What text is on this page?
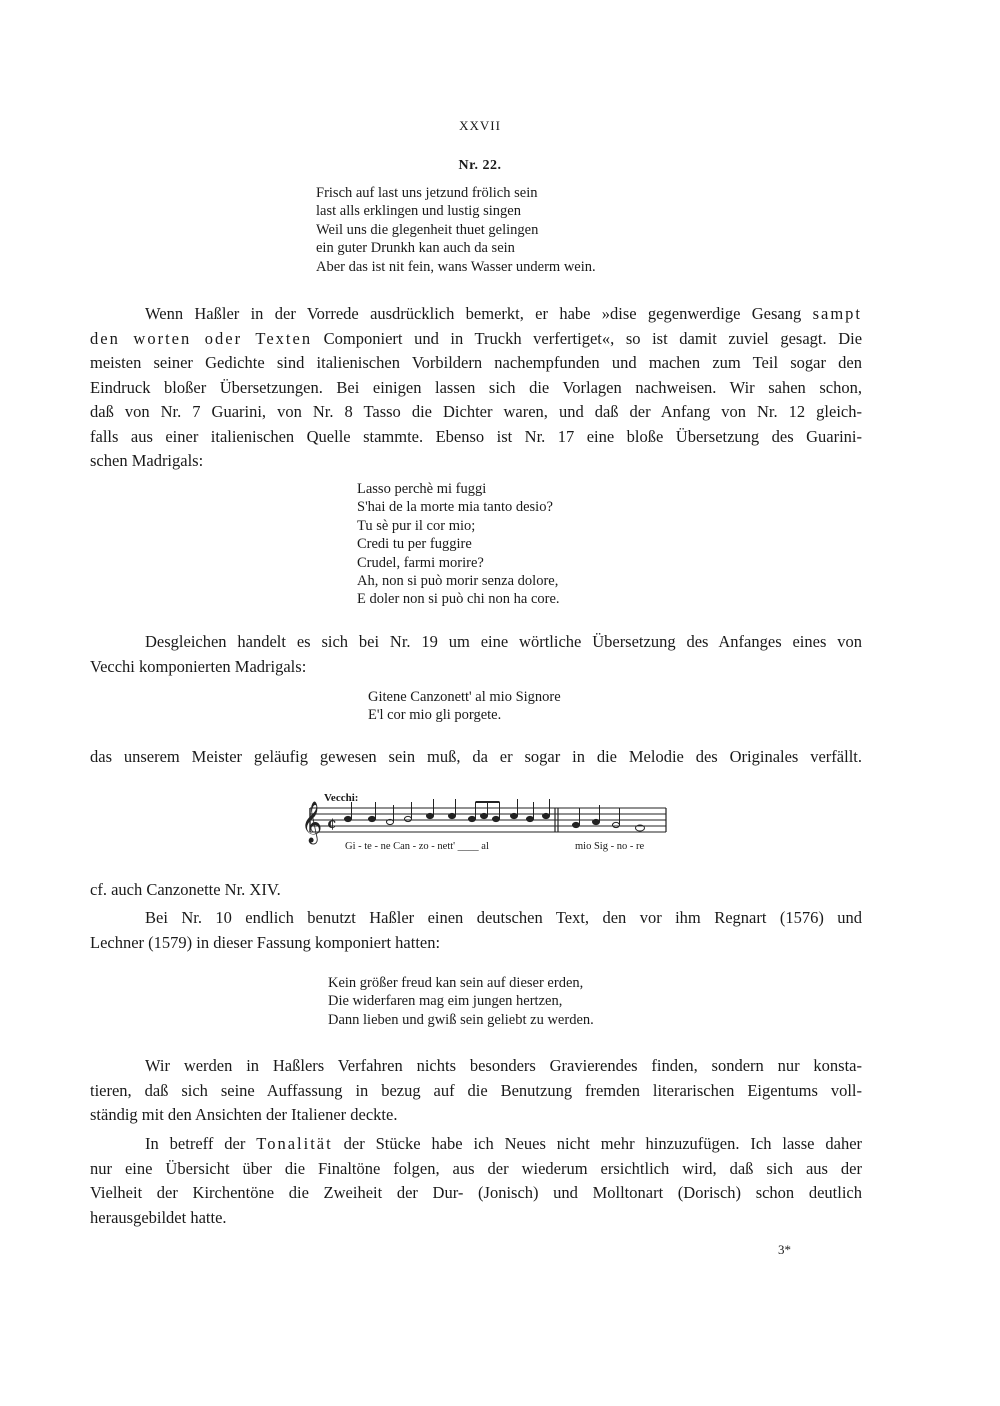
XXVII
Nr. 22.
Frisch auf last uns jetzund frölich sein
last alls erklingen und lustig singen
Weil uns die glegenheit thuet gelingen
ein guter Drunkh kan auch da sein
Aber das ist nit fein, wans Wasser underm wein.
Wenn Haßler in der Vorrede ausdrücklich bemerkt, er habe »dise gegenwerdige Gesang sampt
den worten oder Texten Componiert und in Truckh verfertiget«, so ist damit zuviel gesagt. Die
meisten seiner Gedichte sind italienischen Vorbildern nachempfunden und machen zum Teil sogar den
Eindruck bloßer Übersetzungen. Bei einigen lassen sich die Vorlagen nachweisen. Wir sahen schon,
daß von Nr. 7 Guarini, von Nr. 8 Tasso die Dichter waren, und daß der Anfang von Nr. 12 gleich-
falls aus einer italienischen Quelle stammte. Ebenso ist Nr. 17 eine bloße Übersetzung des Guarini-
schen Madrigals:
Lasso perchè mi fuggi
S'hai de la morte mia tanto desio?
Tu sè pur il cor mio;
Credi tu per fuggire
Crudel, farmi morire?
Ah, non si può morir senza dolore,
E doler non si può chi non ha core.
Desgleichen handelt es sich bei Nr. 19 um eine wörtliche Übersetzung des Anfanges eines von
Vecchi komponierten Madrigals:
Gitene Canzonett' al mio Signore
E'l cor mio gli porgete.
das unserem Meister geläufig gewesen sein muß, da er sogar in die Melodie des Originales verfällt.
Vecchi:
𝄞 ¢
Gi - te - ne Can - zo - nett' ____ al	mio Sig - no - re
cf. auch Canzonette Nr. XIV.
Bei Nr. 10 endlich benutzt Haßler einen deutschen Text, den vor ihm Regnart (1576) und
Lechner (1579) in dieser Fassung komponiert hatten:
Kein größer freud kan sein auf dieser erden,
Die widerfaren mag eim jungen hertzen,
Dann lieben und gwiß sein geliebt zu werden.
Wir werden in Haßlers Verfahren nichts besonders Gravierendes finden, sondern nur konsta-
tieren, daß sich seine Auffassung in bezug auf die Benutzung fremden literarischen Eigentums voll-
ständig mit den Ansichten der Italiener deckte.
In betreff der Tonalität der Stücke habe ich Neues nicht mehr hinzuzufügen. Ich lasse daher
nur eine Übersicht über die Finaltöne folgen, aus der wiederum ersichtlich wird, daß sich aus der
Vielheit der Kirchentöne die Zweiheit der Dur- (Jonisch) und Molltonart (Dorisch) schon deutlich
herausgebildet hatte.
3*
